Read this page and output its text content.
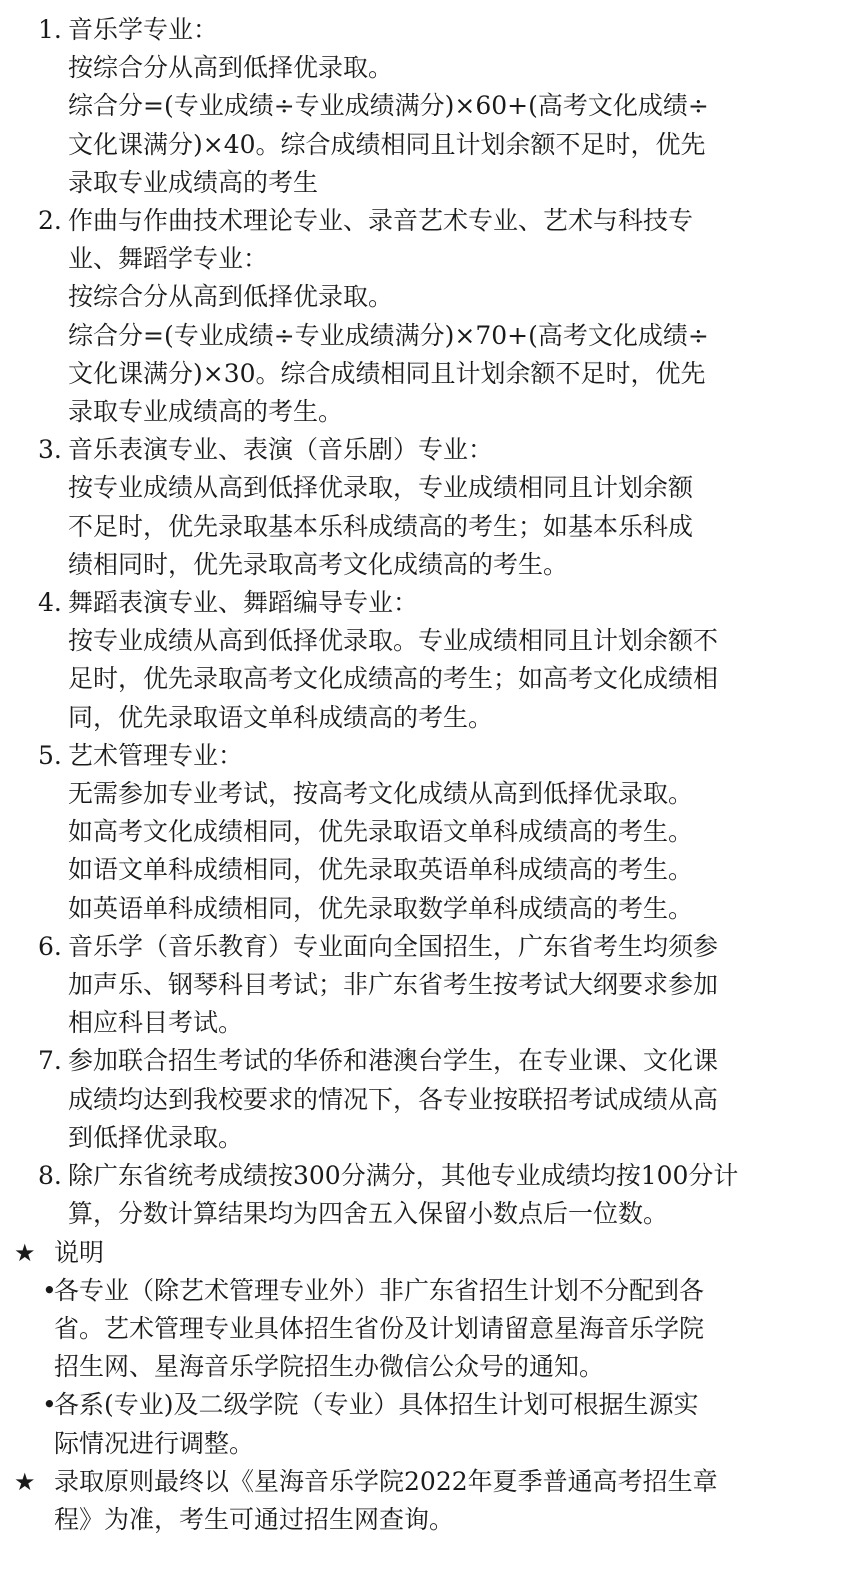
1. 音乐学专业：
按综合分从高到低择优录取。
综合分=(专业成绩÷专业成绩满分)×60+(高考文化成绩÷
文化课满分)×40。综合成绩相同且计划余额不足时，优先
录取专业成绩高的考生
2. 作曲与作曲技术理论专业、录音艺术专业、艺术与科技专
业、舞蹈学专业：
按综合分从高到低择优录取。
综合分=(专业成绩÷专业成绩满分)×70+(高考文化成绩÷
文化课满分)×30。综合成绩相同且计划余额不足时，优先
录取专业成绩高的考生。
3. 音乐表演专业、表演（音乐剧）专业：
按专业成绩从高到低择优录取，专业成绩相同且计划余额
不足时，优先录取基本乐科成绩高的考生；如基本乐科成
绩相同时，优先录取高考文化成绩高的考生。
4. 舞蹈表演专业、舞蹈编导专业：
按专业成绩从高到低择优录取。专业成绩相同且计划余额不
足时，优先录取高考文化成绩高的考生；如高考文化成绩相
同，优先录取语文单科成绩高的考生。
5. 艺术管理专业：
无需参加专业考试，按高考文化成绩从高到低择优录取。
如高考文化成绩相同，优先录取语文单科成绩高的考生。
如语文单科成绩相同，优先录取英语单科成绩高的考生。
如英语单科成绩相同，优先录取数学单科成绩高的考生。
6. 音乐学（音乐教育）专业面向全国招生，广东省考生均须参
加声乐、钢琴科目考试；非广东省考生按考试大纲要求参加
相应科目考试。
7. 参加联合招生考试的华侨和港澳台学生，在专业课、文化课
成绩均达到我校要求的情况下，各专业按联招考试成绩从高
到低择优录取。
8. 除广东省统考成绩按300分满分，其他专业成绩均按100分计
算，分数计算结果均为四舍五入保留小数点后一位数。
★ 说明
•
各专业（除艺术管理专业外）非广东省招生计划不分配到各
省。艺术管理专业具体招生省份及计划请留意星海音乐学院
招生网、星海音乐学院招生办微信公众号的通知。
•
各系(专业)及二级学院（专业）具体招生计划可根据生源实
际情况进行调整。
★ 录取原则最终以《星海音乐学院2022年夏季普通高考招生章
程》为准，考生可通过招生网查询。
